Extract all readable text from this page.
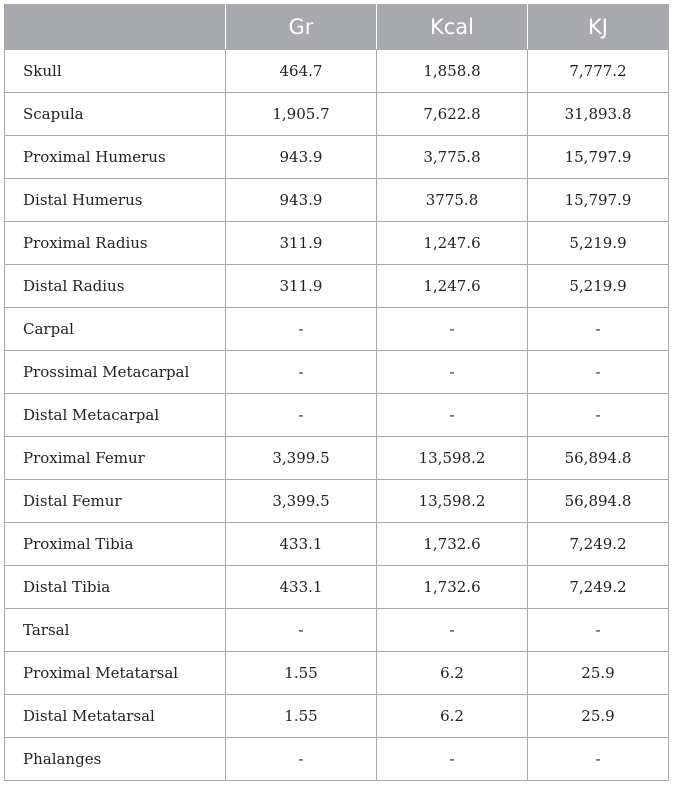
	Gr	Kcal	KJ
Skull	464.7	1,858.8	7,777.2
Scapula	1,905.7	7,622.8	31,893.8
Proximal Humerus	943.9	3,775.8	15,797.9
Distal Humerus	943.9	3775.8	15,797.9
Proximal Radius	311.9	1,247.6	5,219.9
Distal Radius	311.9	1,247.6	5,219.9
Carpal	-	-	-
Prossimal Metacarpal	-	-	-
Distal Metacarpal	-	-	-
Proximal Femur	3,399.5	13,598.2	56,894.8
Distal Femur	3,399.5	13,598.2	56,894.8
Proximal Tibia	433.1	1,732.6	7,249.2
Distal Tibia	433.1	1,732.6	7,249.2
Tarsal	-	-	-
Proximal Metatarsal	1.55	6.2	25.9
Distal Metatarsal	1.55	6.2	25.9
Phalanges	-	-	-
